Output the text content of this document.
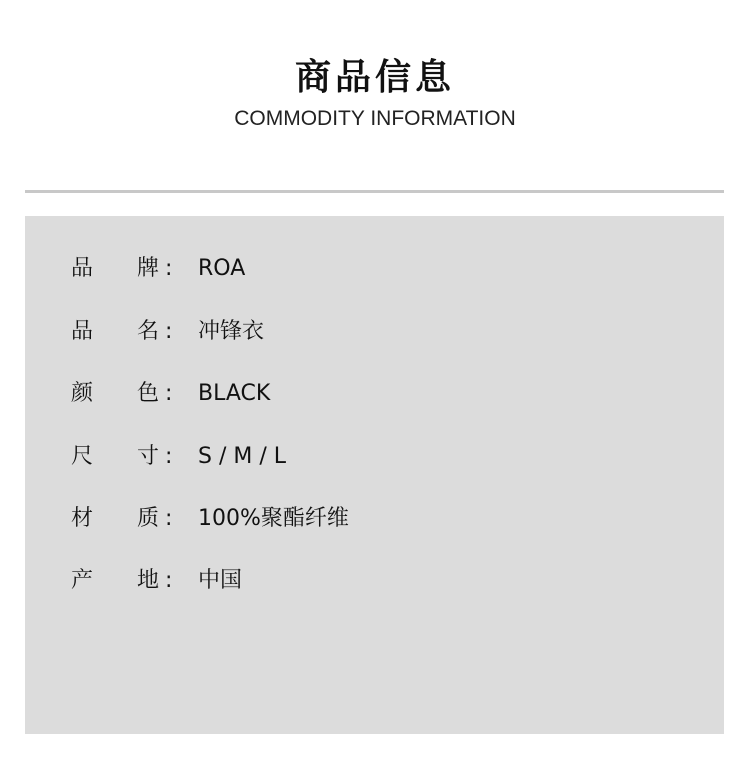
商品信息
COMMODITY INFORMATION
品 牌 : ROA
品 名 : 冲锋衣
颜 色 : BLACK
尺 寸 : S / M / L
材 质 : 100%聚酯纤维
产 地 : 中国
